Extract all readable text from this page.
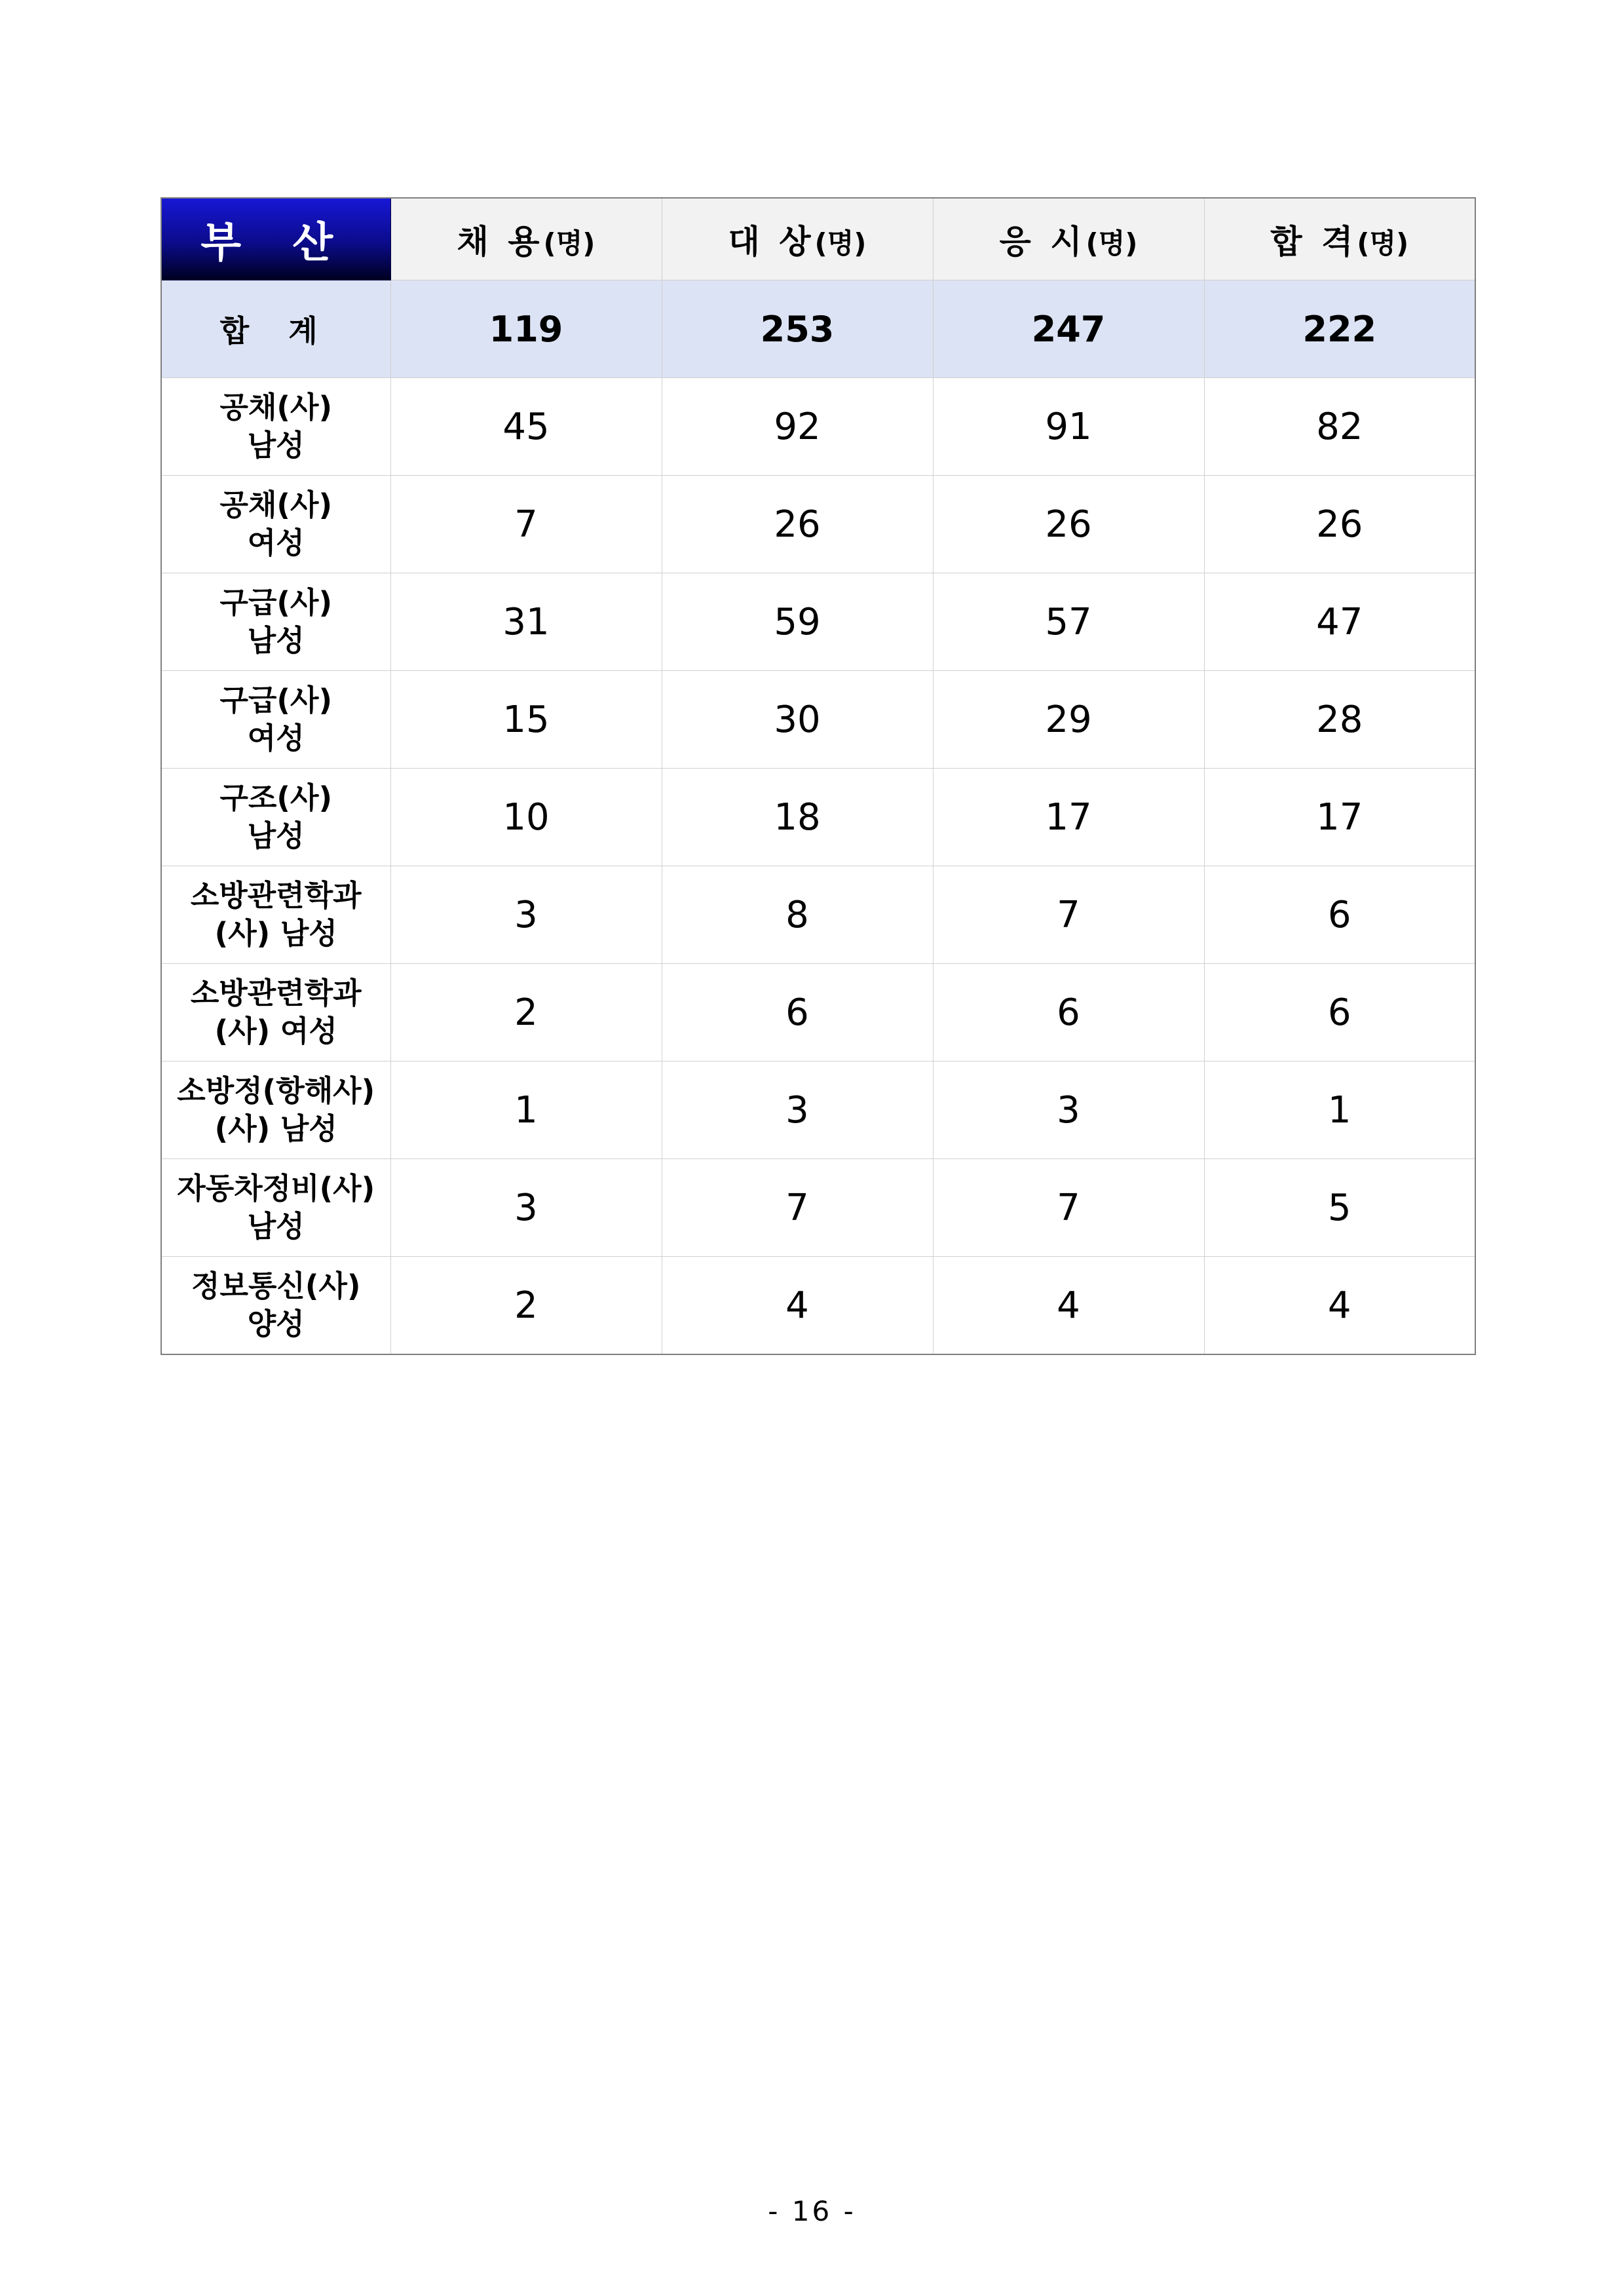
부 산	채 용(명)	대 상(명)	응 시(명)	합 격(명)
합 계	119	253	247	222

공채(사)
남성	45	92	91	82

공채(사)
여성	7	26	26	26

구급(사)
남성	31	59	57	47

구급(사)
여성	15	30	29	28

구조(사)
남성	10	18	17	17

소방관련학과
(사) 남성	3	8	7	6

소방관련학과
(사) 여성	2	6	6	6

소방정(항해사)
(사) 남성	1	3	3	1

자동차정비(사)
남성	3	7	7	5

정보통신(사)
양성	2	4	4	4
- 16 -
